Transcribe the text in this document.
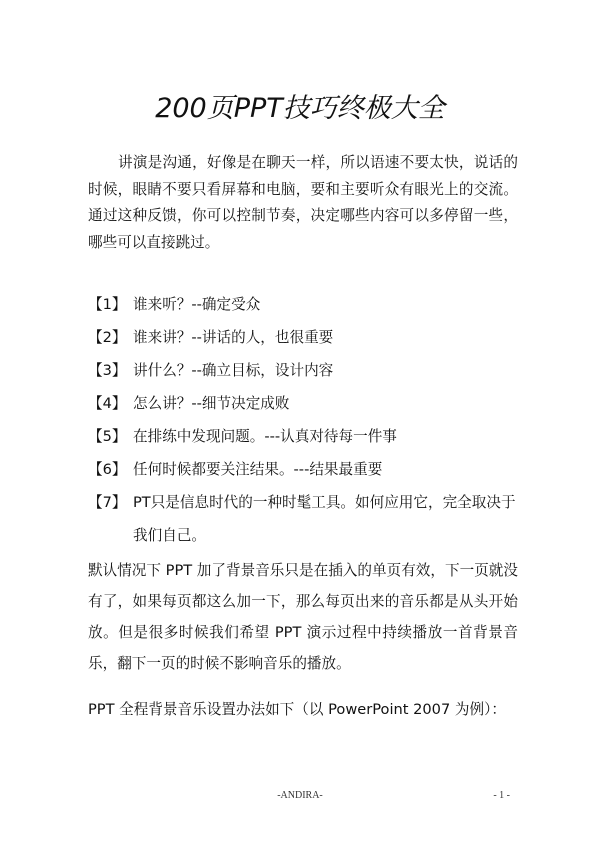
200页PPT技巧终极大全

讲演是沟通，好像是在聊天一样，所以语速不要太快，说话的时候，眼睛不要只看屏幕和电脑，要和主要听众有眼光上的交流。通过这种反馈，你可以控制节奏，决定哪些内容可以多停留一些，哪些可以直接跳过。

【1】 谁来听？--确定受众
【2】 谁来讲？--讲话的人，也很重要
【3】 讲什么？--确立目标，设计内容
【4】 怎么讲？--细节决定成败
【5】 在排练中发现问题。---认真对待每一件事
【6】 任何时候都要关注结果。---结果最重要
【7】 PT只是信息时代的一种时髦工具。如何应用它，完全取决于我们自己。

默认情况下 PPT 加了背景音乐只是在插入的单页有效，下一页就没有了，如果每页都这么加一下，那么每页出来的音乐都是从头开始放。但是很多时候我们希望 PPT 演示过程中持续播放一首背景音乐，翻下一页的时候不影响音乐的播放。

PPT 全程背景音乐设置办法如下（以 PowerPoint 2007 为例）：

-ANDIRA-	- 1 -
